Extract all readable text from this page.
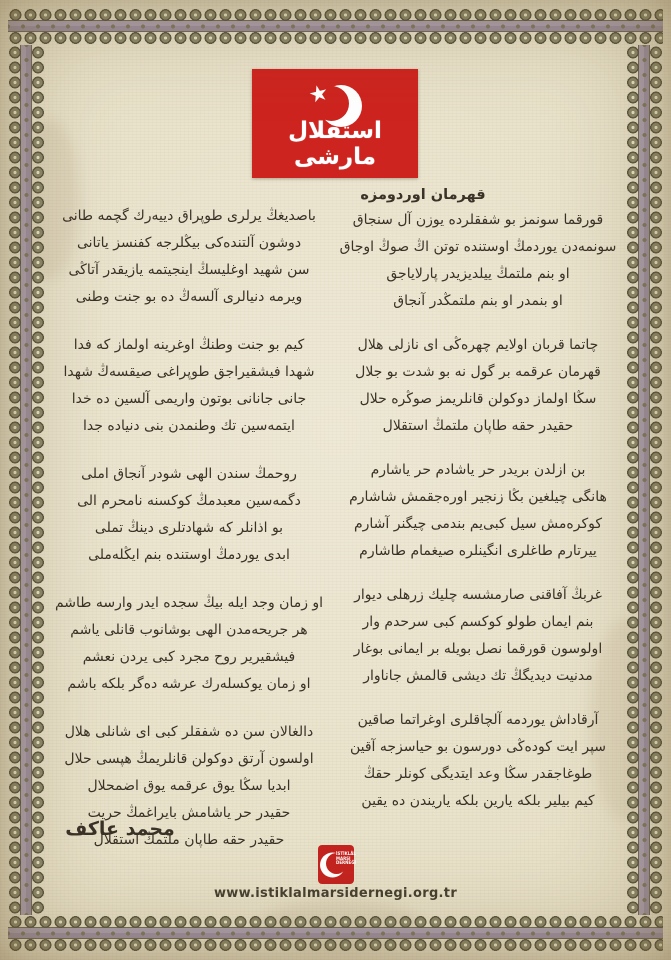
★
استقلال مارشی
قهرمان اوردومزه
قورقما سونمز بو شفقلرده یوزن آل سنجاق
سونمه‌دن یوردمڭ اوستنده توتن اڭ صوڭ اوجاق
او بنم ملتمڭ ییلدیزیدر پارلایاجق
او بنمدر او بنم ملتمڭدر آنجاق
چاتما قربان اولایم چهره‌ڭی ای نازلی هلال
قهرمان عرقمه بر گول نه بو شدت بو جلال
سڭا اولماز دوكولن قانلریمز صوڭره حلال
حقیدر حقه طاپان ملتمڭ استقلال
بن ازلدن بریدر حر یاشادم حر یاشارم
هانگی چیلغین بڭا زنجیر اوره‌جقمش شاشارم
كوكره‌مش سیل كبی‌یم بندمی چیگنر آشارم
ییرتارم طاغلری انگینلره صیغمام طاشارم
غربڭ آفاقنی صارمشسه چلیك زرهلی دیوار
بنم ایمان طولو كوكسم كبی سرحدم وار
اولوسون قورقما نصل بویله بر ایمانی بوغار
مدنیت دیدیگڭ تك دیشی قالمش جاناوار
آرقاداش یوردمه آلچاقلری اوغراتما صاقین
سپر ایت كوده‌ڭی دورسون بو حیاسزجه آقین
طوغاجقدر سڭا وعد ایتدیگی كونلر حقڭ
كیم بیلیر بلكه یارین بلكه یاریندن ده یقین
باصدیغڭ یرلری طوپراق دییه‌رك گچمه طانی
دوشون آلتنده‌كی بیڭلرجه كفنسز یاتانی
سن شهید اوغلیسڭ اینجیتمه یازیقدر آتاڭی
ویرمه دنیالری آلسه‌ڭ ده بو جنت وطنی
كیم بو جنت وطنڭ اوغرینه اولماز كه فدا
شهدا فیشقیراجق طوپراغی صیقسه‌ڭ شهدا
جانی جانانی بوتون واریمی آلسین ده خدا
ایتمه‌سین تك وطنمدن بنی دنیاده جدا
روحمڭ سندن الهی شودر آنجاق املی
دگمه‌سین معبدمڭ كوكسنه نامحرم الی
بو اذانلر كه شهادتلری دینڭ تملی
ابدی یوردمڭ اوستنده بنم ایڭله‌ملی
او زمان وجد ایله بیڭ سجده ایدر وارسه طاشم
هر جریحه‌مدن الهی بوشانوب قانلی یاشم
فیشقیریر روح مجرد كبی یردن نعشم
او زمان یوكسله‌رك عرشه ده‌گر بلكه باشم
دالغالان سن ده شفقلر كبی ای شانلی هلال
اولسون آرتق دوكولن قانلریمڭ هپسی حلال
ابدیا سڭا یوق عرقمه یوق اضمحلال
حقیدر حر یاشامش بایراغمڭ حریت
حقیدر حقه طاپان ملتمڭ استقلال
محمد عاكف
İSTİKLÂL
MARŞI
DERNEĞİ
www.istiklalmarsidernegi.org.tr
